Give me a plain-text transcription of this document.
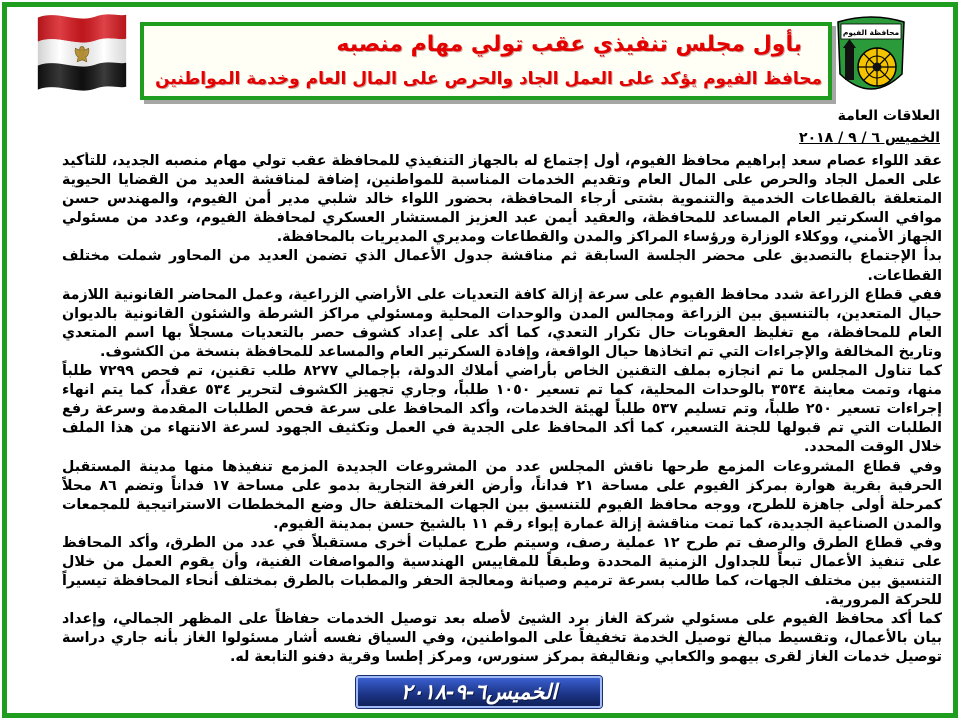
بأول مجلس تنفيذي عقب تولي مهام منصبه
محافظ الفيوم يؤكد على العمل الجاد والحرص على المال العام وخدمة المواطنين
محافظة الفيوم
العلاقات العامة
الخميس ٦ / ٩ / ٢٠١٨

عقد اللواء عصام سعد إبراهيم محافظ الفيوم، أول إجتماع له بالجهاز التنفيذي للمحافظة عقب تولي مهام منصبه الجديد، للتأكيد على العمل الجاد والحرص على المال العام وتقديم الخدمات المناسبة للمواطنين، إضافة لمناقشة العديد من القضايا الحيوية المتعلقة بالقطاعات الخدمية والتنموية بشتى أرجاء المحافظة، بحضور اللواء خالد شلبي مدير أمن الفيوم، والمهندس حسن موافي السكرتير العام المساعد للمحافظة، والعقيد أيمن عبد العزيز المستشار العسكري لمحافظة الفيوم، وعدد من مسئولي الجهاز الأمني، ووكلاء الوزارة ورؤساء المراكز والمدن والقطاعات ومديري المديريات بالمحافظة.

بدأ الإجتماع بالتصديق على محضر الجلسة السابقة ثم مناقشة جدول الأعمال الذي تضمن العديد من المحاور شملت مختلف القطاعات.

ففي قطاع الزراعة شدد محافظ الفيوم على سرعة إزالة كافة التعديات على الأراضي الزراعية، وعمل المحاضر القانونية اللازمة حيال المتعدين، بالتنسيق بين الزراعة ومجالس المدن والوحدات المحلية ومسئولي مراكز الشرطة والشئون القانونية بالديوان العام للمحافظة، مع تغليظ العقوبات حال تكرار التعدي، كما أكد على إعداد كشوف حصر بالتعديات مسجلاً بها اسم المتعدي وتاريخ المخالفة والإجراءات التي تم اتخاذها حيال الواقعة، وإفادة السكرتير العام والمساعد للمحافظة بنسخة من الكشوف.

كما تناول المجلس ما تم انجازه بملف التقنين الخاص بأراضي أملاك الدولة، بإجمالي ٨٢٧٧ طلب تقنين، تم فحص ٧٢٩٩ طلباً منها، وتمت معاينة ٣٥٣٤ بالوحدات المحلية، كما تم تسعير ١٠٥٠ طلباً، وجاري تجهيز الكشوف لتحرير ٥٣٤ عقداً، كما يتم انهاء إجراءات تسعير ٢٥٠ طلباً، وتم تسليم ٥٣٧ طلباً لهيئة الخدمات، وأكد المحافظ على سرعة فحص الطلبات المقدمة وسرعة رفع الطلبات التي تم قبولها للجنة التسعير، كما أكد المحافظ على الجدية في العمل وتكثيف الجهود لسرعة الانتهاء من هذا الملف خلال الوقت المحدد.

وفي قطاع المشروعات المزمع طرحها ناقش المجلس عدد من المشروعات الجديدة المزمع تنفيذها منها مدينة المستقبل الحرفية بقرية هوارة بمركز الفيوم على مساحة ٢١ فداناً، وأرض الغرفة التجارية بدمو على مساحة ١٧ فداناً وتضم ٨٦ محلاً كمرحلة أولى جاهزة للطرح، ووجه محافظ الفيوم للتنسيق بين الجهات المختلفة حال وضع المخططات الاستراتيجية للمجمعات والمدن الصناعية الجديدة، كما تمت مناقشة إزالة عمارة إيواء رقم ١١ بالشيخ حسن بمدينة الفيوم.

وفي قطاع الطرق والرصف تم طرح ١٢ عملية رصف، وسيتم طرح عمليات أخرى مستقبلاً في عدد من الطرق، وأكد المحافظ على تنفيذ الأعمال تبعاً للجداول الزمنية المحددة وطبقاً للمقاييس الهندسية والمواصفات الفنية، وأن يقوم العمل من خلال التنسيق بين مختلف الجهات، كما طالب بسرعة ترميم وصيانة ومعالجة الحفر والمطبات بالطرق بمختلف أنحاء المحافظة تيسيراً للحركة المرورية.

كما أكد محافظ الفيوم على مسئولي شركة الغاز برد الشيئ لأصله بعد توصيل الخدمات حفاظاً على المظهر الجمالي، وإعداد بيان بالأعمال، وتقسيط مبالغ توصيل الخدمة تخفيفاً على المواطنين، وفي السياق نفسه أشار مسئولوا الغاز بأنه جاري دراسة توصيل خدمات الغاز لقرى بيهمو والكعابي ونقاليفة بمركز سنورس، ومركز إطسا وقرية دفنو التابعة له.

الخميس٦-٩-٢٠١٨
